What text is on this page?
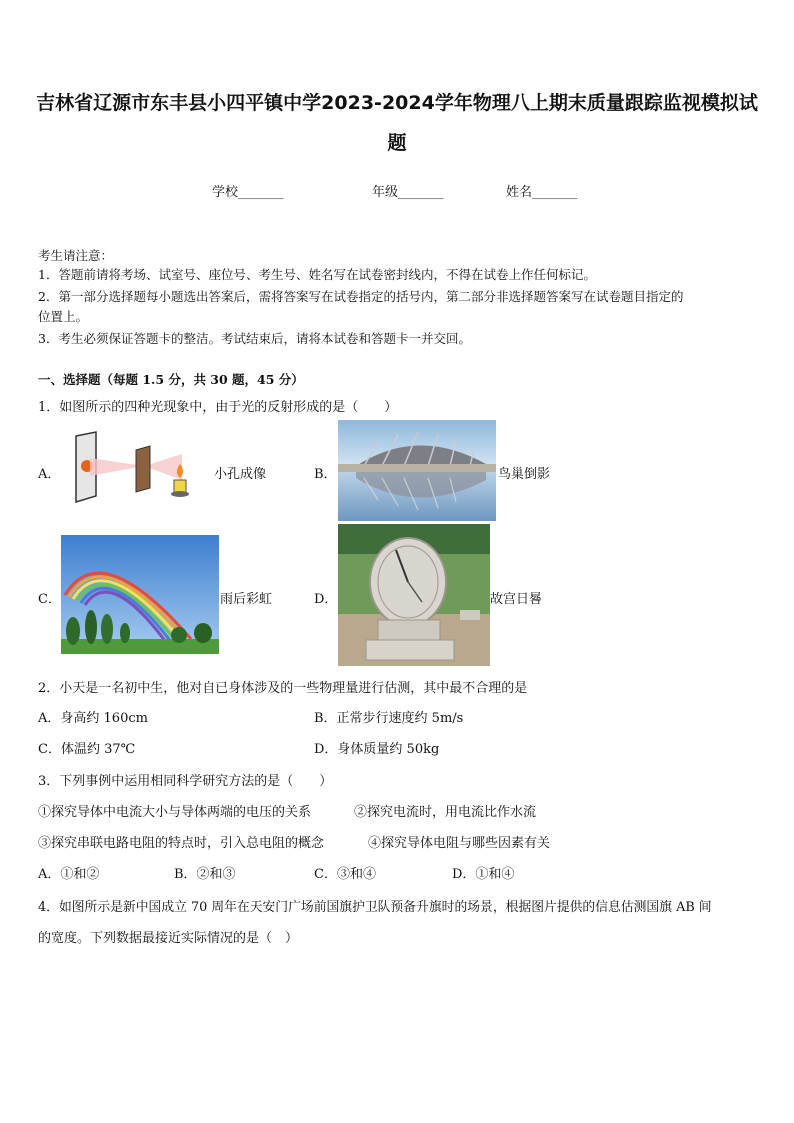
吉林省辽源市东丰县小四平镇中学2023-2024学年物理八上期末质量跟踪监视模拟试
题
学校_______	年级_______	姓名_______
考生请注意：
1．答题前请将考场、试室号、座位号、考生号、姓名写在试卷密封线内，不得在试卷上作任何标记。
2．第一部分选择题每小题选出答案后，需将答案写在试卷指定的括号内，第二部分非选择题答案写在试卷题目指定的
位置上。
3．考生必须保证答题卡的整洁。考试结束后，请将本试卷和答题卡一并交回。
一、选择题（每题 1.5 分，共 30 题，45 分）
1．如图所示的四种光现象中，由于光的反射形成的是（　　）
A．	小孔成像	B．	鸟巢倒影
C．	雨后彩虹	D．	故宫日晷
2．小天是一名初中生，他对自已身体涉及的一些物理量进行估测，其中最不合理的是
A．身高约 160cm	B．正常步行速度约 5m/s
C．体温约 37℃	D．身体质量约 50kg
3．下列事例中运用相同科学研究方法的是（　　）
①探究导体中电流大小与导体两端的电压的关系	②探究电流时，用电流比作水流
③探究串联电路电阻的特点时，引入总电阻的概念	④探究导体电阻与哪些因素有关
A．①和②	B．②和③	C．③和④	D．①和④
4．如图所示是新中国成立 70 周年在天安门广场前国旗护卫队预备升旗时的场景，根据图片提供的信息估测国旗 AB 间
的宽度。下列数据最接近实际情况的是（　）
